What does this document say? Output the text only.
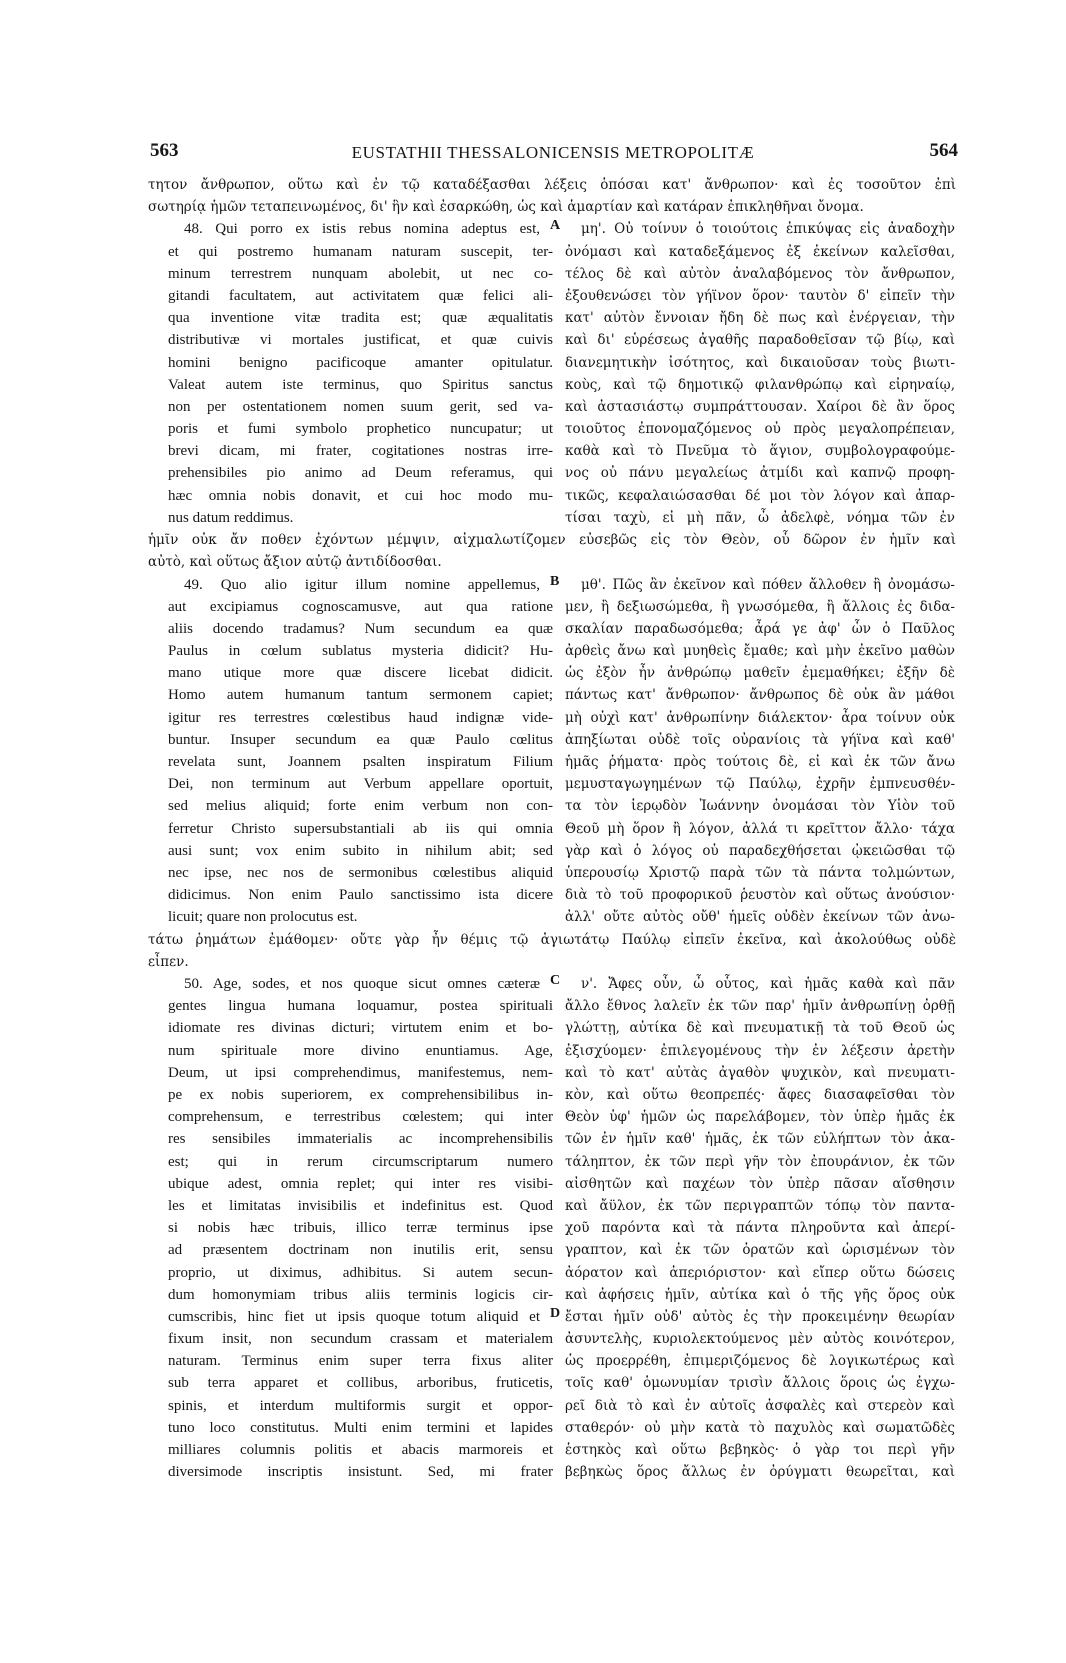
563	EUSTATHII THESSALONICENSIS METROPOLITÆ	564
τητον ἄνθρωπον, οὕτω καὶ ἐν τῷ καταδέξασθαι λέξεις ὁπόσαι κατ' ἄνθρωπον· καὶ ἐς τοσοῦτον ἐπὶ
σωτηρίᾳ ἡμῶν τεταπεινωμένος, δι' ἣν καὶ ἐσαρκώθη, ὡς καὶ ἁμαρτίαν καὶ κατάραν ἐπικληθῆναι ὄνομα.
A
48. Qui porro ex istis rebus nomina adeptus est,
et qui postremo humanam naturam suscepit, ter-
minum terrestrem nunquam abolebit, ut nec co-
gitandi facultatem, aut activitatem quæ felici ali-
qua inventione vitæ tradita est; quæ æqualitatis
distributivæ vi mortales justificat, et quæ cuivis
homini benigno pacificoque amanter opitulatur.
Valeat autem iste terminus, quo Spiritus sanctus
non per ostentationem nomen suum gerit, sed va-
poris et fumi symbolo prophetico nuncupatur; ut
brevi dicam, mi frater, cogitationes nostras irre-
prehensibiles pio animo ad Deum referamus, qui
hæc omnia nobis donavit, et cui hoc modo mu-
nus datum reddimus.
μη'. Οὐ τοίνυν ὁ τοιούτοις ἐπικύψας εἰς ἀναδοχὴν
ὀνόμασι καὶ καταδεξάμενος ἐξ ἐκείνων καλεῖσθαι,
τέλος δὲ καὶ αὐτὸν ἀναλαβόμενος τὸν ἄνθρωπον,
ἐξουθενώσει τὸν γήϊνον ὅρον· ταυτὸν δ' εἰπεῖν τὴν
κατ' αὐτὸν ἔννοιαν ἤδη δὲ πως καὶ ἐνέργειαν, τὴν
καὶ δι' εὑρέσεως ἀγαθῆς παραδοθεῖσαν τῷ βίῳ, καὶ
διανεμητικὴν ἰσότητος, καὶ δικαιοῦσαν τοὺς βιωτι-
κοὺς, καὶ τῷ δημοτικῷ φιλανθρώπῳ καὶ εἰρηναίῳ,
καὶ ἀστασιάστῳ συμπράττουσαν. Χαίροι δὲ ἂν ὅρος
τοιοῦτος ἐπονομαζόμενος οὐ πρὸς μεγαλοπρέπειαν,
καθὰ καὶ τὸ Πνεῦμα τὸ ἅγιον, συμβολογραφούμε-
νος οὐ πάνυ μεγαλείως ἀτμίδι καὶ καπνῷ προφη-
τικῶς, κεφαλαιώσασθαι δέ μοι τὸν λόγον καὶ ἀπαρ-
τίσαι ταχὺ, εἰ μὴ πᾶν, ὦ ἀδελφὲ, νόημα τῶν ἐν
ἡμῖν οὐκ ἄν ποθεν ἐχόντων μέμψιν, αἰχμαλωτίζομεν εὐσεβῶς εἰς τὸν Θεὸν, οὗ δῶρον ἐν ἡμῖν καὶ
αὐτὸ, καὶ οὕτως ἄξιον αὐτῷ ἀντιδίδοσθαι.
B
49. Quo alio igitur illum nomine appellemus,
aut excipiamus cognoscamusve, aut qua ratione
aliis docendo tradamus? Num secundum ea quæ
Paulus in cœlum sublatus mysteria didicit? Hu-
mano utique more quæ discere licebat didicit.
Homo autem humanum tantum sermonem capiet;
igitur res terrestres cœlestibus haud indignæ vide-
buntur. Insuper secundum ea quæ Paulo cœlitus
revelata sunt, Joannem psalten inspiratum Filium
Dei, non terminum aut Verbum appellare oportuit,
sed melius aliquid; forte enim verbum non con-
ferretur Christo supersubstantiali ab iis qui omnia
ausi sunt; vox enim subito in nihilum abit; sed
nec ipse, nec nos de sermonibus cœlestibus aliquid
didicimus. Non enim Paulo sanctissimo ista dicere
licuit; quare non prolocutus est.
μθ'. Πῶς ἂν ἐκεῖνον καὶ πόθεν ἄλλοθεν ἢ ὀνομάσω-
μεν, ἢ δεξιωσώμεθα, ἢ γνωσόμεθα, ἢ ἄλλοις ἐς διδα-
σκαλίαν παραδωσόμεθα; ἆρά γε ἀφ' ὧν ὁ Παῦλος
ἀρθεὶς ἄνω καὶ μυηθεὶς ἔμαθε; καὶ μὴν ἐκεῖνο μαθὼν
ὡς ἐξὸν ἦν ἀνθρώπῳ μαθεῖν ἐμεμαθήκει; ἐξῆν δὲ
πάντως κατ' ἄνθρωπον· ἄνθρωπος δὲ οὐκ ἂν μάθοι
μὴ οὐχὶ κατ' ἀνθρωπίνην διάλεκτον· ἆρα τοίνυν οὐκ
ἀπηξίωται οὐδὲ τοῖς οὐρανίοις τὰ γήϊνα καὶ καθ'
ἡμᾶς ῥήματα· πρὸς τούτοις δὲ, εἰ καὶ ἐκ τῶν ἄνω
μεμυσταγωγημένων τῷ Παύλῳ, ἐχρῆν ἐμπνευσθέν-
τα τὸν ἱερῳδὸν Ἰωάννην ὀνομάσαι τὸν Υἱὸν τοῦ
Θεοῦ μὴ ὅρον ἢ λόγον, ἀλλά τι κρεῖττον ἄλλο· τάχα
γὰρ καὶ ὁ λόγος οὐ παραδεχθήσεται ᾠκειῶσθαι τῷ
ὑπερουσίῳ Χριστῷ παρὰ τῶν τὰ πάντα τολμώντων,
διὰ τὸ τοῦ προφορικοῦ ῥευστὸν καὶ οὕτως ἀνούσιον·
ἀλλ' οὔτε αὐτὸς οὔθ' ἡμεῖς οὐδὲν ἐκείνων τῶν ἀνω-
τάτω ῥημάτων ἐμάθομεν· οὔτε γὰρ ἦν θέμις τῷ ἁγιωτάτῳ Παύλῳ εἰπεῖν ἐκεῖνα, καὶ ἀκολούθως οὐδὲ
εἶπεν.
C
D
50. Age, sodes, et nos quoque sicut omnes cæteræ
gentes lingua humana loquamur, postea spirituali
idiomate res divinas dicturi; virtutem enim et bo-
num spirituale more divino enuntiamus. Age,
Deum, ut ipsi comprehendimus, manifestemus, nem-
pe ex nobis superiorem, ex comprehensibilibus in-
comprehensum, e terrestribus cœlestem; qui inter
res sensibiles immaterialis ac incomprehensibilis
est; qui in rerum circumscriptarum numero
ubique adest, omnia replet; qui inter res visibi-
les et limitatas invisibilis et indefinitus est. Quod
si nobis hæc tribuis, illico terræ terminus ipse
ad præsentem doctrinam non inutilis erit, sensu
proprio, ut diximus, adhibitus. Si autem secun-
dum homonymiam tribus aliis terminis logicis cir-
cumscribis, hinc fiet ut ipsis quoque totum aliquid et
fixum insit, non secundum crassam et materialem
naturam. Terminus enim super terra fixus aliter
sub terra apparet et collibus, arboribus, fruticetis,
spinis, et interdum multiformis surgit et oppor-
tuno loco constitutus. Multi enim termini et lapides
milliares columnis politis et abacis marmoreis et
diversimode inscriptis insistunt. Sed, mi frater
ν'. Ἄφες οὖν, ὦ οὗτος, καὶ ἡμᾶς καθὰ καὶ πᾶν
ἄλλο ἔθνος λαλεῖν ἐκ τῶν παρ' ἡμῖν ἀνθρωπίνῃ ὀρθῇ
γλώττῃ, αὐτίκα δὲ καὶ πνευματικῇ τὰ τοῦ Θεοῦ ὡς
ἐξισχύομεν· ἐπιλεγομένους τὴν ἐν λέξεσιν ἀρετὴν
καὶ τὸ κατ' αὐτὰς ἀγαθὸν ψυχικὸν, καὶ πνευματι-
κὸν, καὶ οὕτω θεοπρεπές· ἄφες διασαφεῖσθαι τὸν
Θεὸν ὑφ' ἡμῶν ὡς παρελάβομεν, τὸν ὑπὲρ ἡμᾶς ἐκ
τῶν ἐν ἡμῖν καθ' ἡμᾶς, ἐκ τῶν εὐλήπτων τὸν ἀκα-
τάληπτον, ἐκ τῶν περὶ γῆν τὸν ἐπουράνιον, ἐκ τῶν
αἰσθητῶν καὶ παχέων τὸν ὑπὲρ πᾶσαν αἴσθησιν
καὶ ἄϋλον, ἐκ τῶν περιγραπτῶν τόπῳ τὸν παντα-
χοῦ παρόντα καὶ τὰ πάντα πληροῦντα καὶ ἀπερί-
γραπτον, καὶ ἐκ τῶν ὁρατῶν καὶ ὡρισμένων τὸν
ἀόρατον καὶ ἀπεριόριστον· καὶ εἴπερ οὕτω δώσεις
καὶ ἀφήσεις ἡμῖν, αὐτίκα καὶ ὁ τῆς γῆς ὅρος οὐκ
ἔσται ἡμῖν οὐδ' αὐτὸς ἐς τὴν προκειμένην θεωρίαν
ἀσυντελὴς, κυριολεκτούμενος μὲν αὐτὸς κοινότερον,
ὡς προερρέθη, ἐπιμεριζόμενος δὲ λογικωτέρως καὶ
τοῖς καθ' ὁμωνυμίαν τρισὶν ἄλλοις ὅροις ὡς ἐγχω-
ρεῖ διὰ τὸ καὶ ἐν αὐτοῖς ἀσφαλὲς καὶ στερεὸν καὶ
σταθερόν· οὐ μὴν κατὰ τὸ παχυλὸς καὶ σωματῶδὲς
ἑστηκὸς καὶ οὕτω βεβηκὸς· ὁ γὰρ τοι περὶ γῆν
βεβηκὼς ὅρος ἄλλως ἐν ὀρύγματι θεωρεῖται, καὶ
